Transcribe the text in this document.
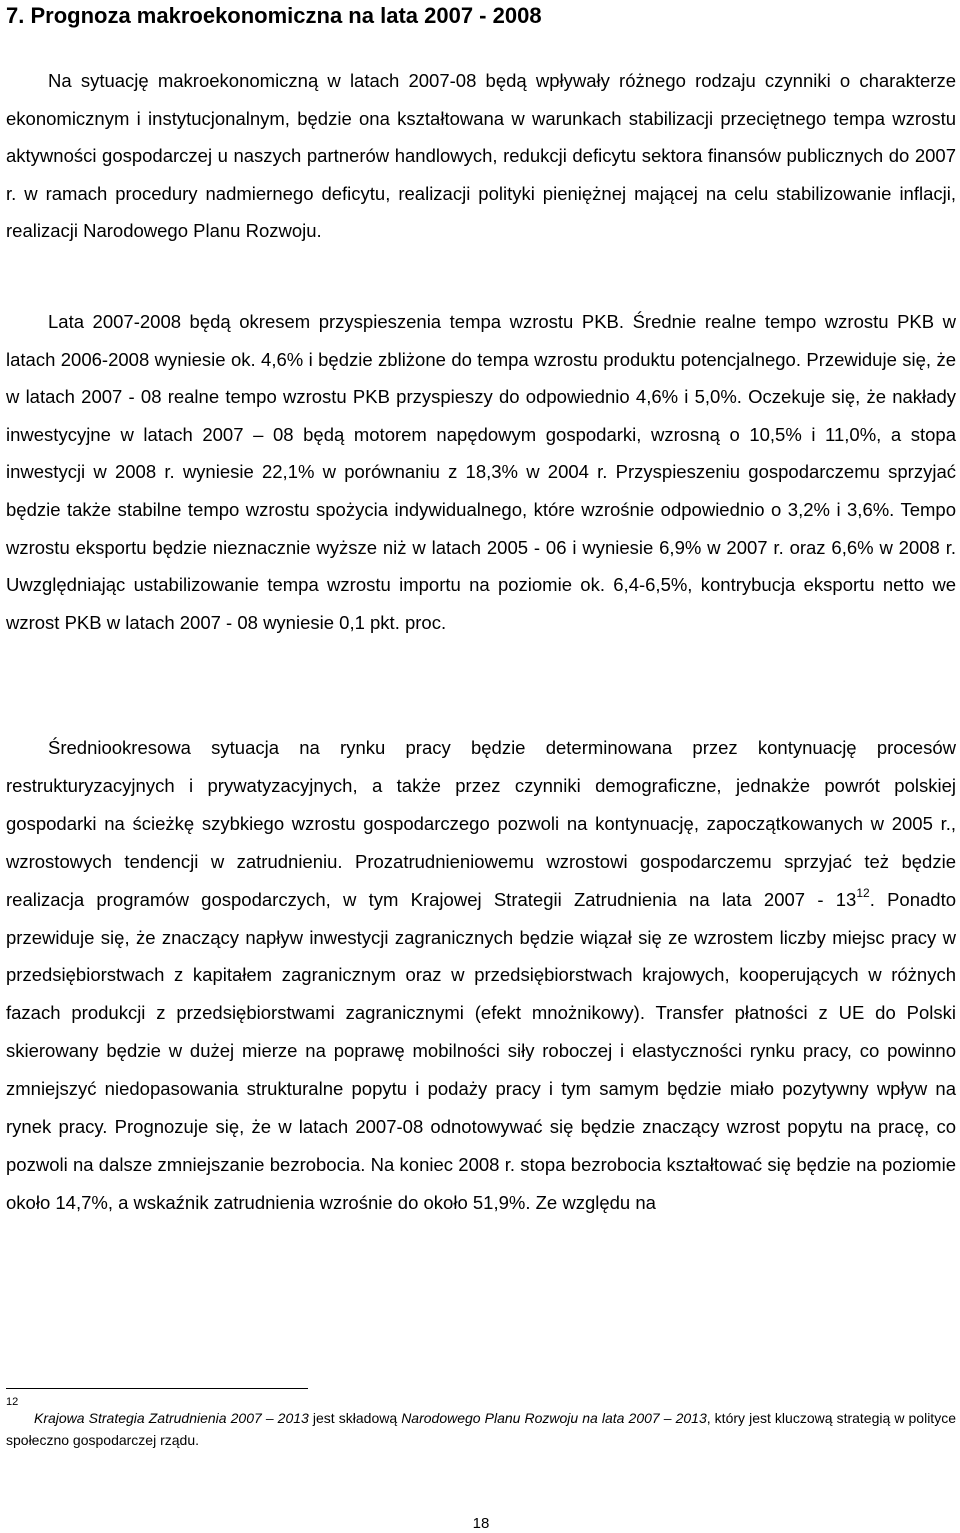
7. Prognoza makroekonomiczna na lata 2007 - 2008

Na sytuację makroekonomiczną w latach 2007-08 będą wpływały różnego rodzaju czynniki o charakterze ekonomicznym i instytucjonalnym, będzie ona kształtowana w warunkach stabilizacji przeciętnego tempa wzrostu aktywności gospodarczej u naszych partnerów handlowych, redukcji deficytu sektora finansów publicznych do 2007 r. w ramach procedury nadmiernego deficytu, realizacji polityki pieniężnej mającej na celu stabilizowanie inflacji, realizacji Narodowego Planu Rozwoju.

Lata 2007-2008 będą okresem przyspieszenia tempa wzrostu PKB. Średnie realne tempo wzrostu PKB w latach 2006-2008 wyniesie ok. 4,6% i będzie zbliżone do tempa wzrostu produktu potencjalnego. Przewiduje się, że w latach 2007 - 08 realne tempo wzrostu PKB przyspieszy do odpowiednio 4,6% i 5,0%. Oczekuje się, że nakłady inwestycyjne w latach 2007 – 08 będą motorem napędowym gospodarki, wzrosną o 10,5% i 11,0%, a stopa inwestycji w 2008 r. wyniesie 22,1% w porównaniu z 18,3% w 2004 r. Przyspieszeniu gospodarczemu sprzyjać będzie także stabilne tempo wzrostu spożycia indywidualnego, które wzrośnie odpowiednio o 3,2% i 3,6%. Tempo wzrostu eksportu będzie nieznacznie wyższe niż w latach 2005 - 06 i wyniesie 6,9% w 2007 r. oraz 6,6% w 2008 r. Uwzględniając ustabilizowanie tempa wzrostu importu na poziomie ok. 6,4-6,5%, kontrybucja eksportu netto we wzrost PKB w latach 2007 - 08 wyniesie 0,1 pkt. proc.

Średniookresowa sytuacja na rynku pracy będzie determinowana przez kontynuację procesów restrukturyzacyjnych i prywatyzacyjnych, a także przez czynniki demograficzne, jednakże powrót polskiej gospodarki na ścieżkę szybkiego wzrostu gospodarczego pozwoli na kontynuację, zapoczątkowanych w 2005 r., wzrostowych tendencji w zatrudnieniu. Prozatrudnieniowemu wzrostowi gospodarczemu sprzyjać też będzie realizacja programów gospodarczych, w tym Krajowej Strategii Zatrudnienia na lata $2007 - 13^{12}$. Ponadto przewiduje się, że znaczący napływ inwestycji zagranicznych będzie wiązał się ze wzrostem liczby miejsc pracy w przedsiębiorstwach z kapitałem zagranicznym oraz w przedsiębiorstwach krajowych, kooperujących w różnych fazach produkcji z przedsiębiorstwami zagranicznymi (efekt mnożnikowy). Transfer płatności z UE do Polski skierowany będzie w dużej mierze na poprawę mobilności siły roboczej i elastyczności rynku pracy, co powinno zmniejszyć niedopasowania strukturalne popytu i podaży pracy i tym samym będzie miało pozytywny wpływ na rynek pracy. Prognozuje się, że w latach 2007-08 odnotowywać się będzie znaczący wzrost popytu na pracę, co pozwoli na dalsze zmniejszanie bezrobocia. Na koniec 2008 r. stopa bezrobocia kształtować się będzie na poziomie około 14,7%, a wskaźnik zatrudnienia wzrośnie do około 51,9%. Ze względu na

12
Krajowa Strategia Zatrudnienia 2007 – 2013 jest składową Narodowego Planu Rozwoju na lata 2007 – 2013, który jest kluczową strategią w polityce społeczno gospodarczej rządu.
18
